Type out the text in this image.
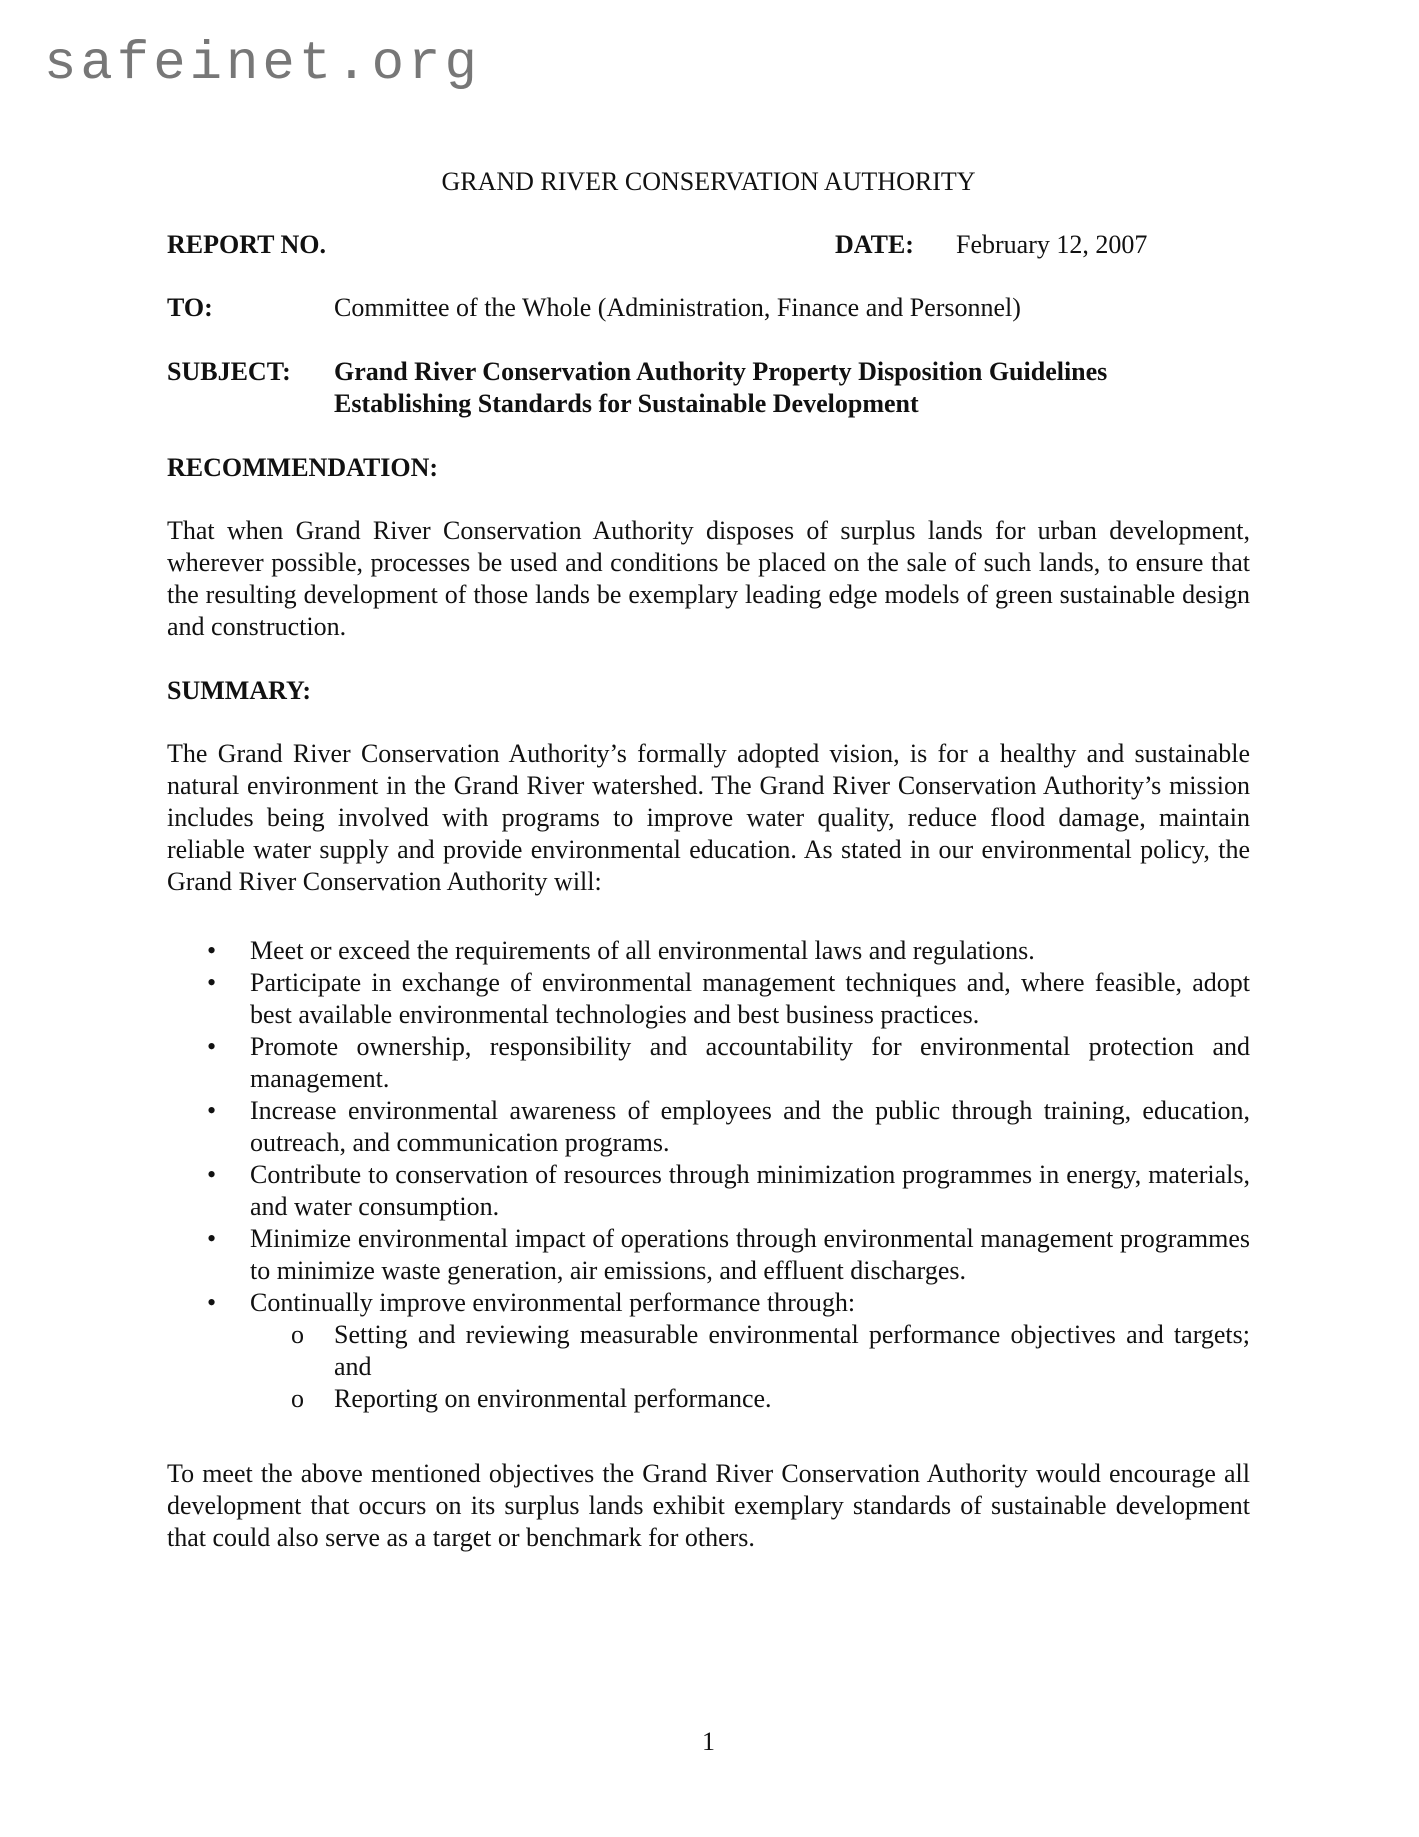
safeinet.org
GRAND RIVER CONSERVATION AUTHORITY
REPORT NO.	DATE: February 12, 2007
TO:	Committee of the Whole (Administration, Finance and Personnel)
SUBJECT: Grand River Conservation Authority Property Disposition Guidelines
Establishing Standards for Sustainable Development
RECOMMENDATION:
That when Grand River Conservation Authority disposes of surplus lands for urban development, wherever possible, processes be used and conditions be placed on the sale of such lands, to ensure that the resulting development of those lands be exemplary leading edge models of green sustainable design and construction.
SUMMARY:
The Grand River Conservation Authority’s formally adopted vision, is for a healthy and sustainable natural environment in the Grand River watershed. The Grand River Conservation Authority’s mission includes being involved with programs to improve water quality, reduce flood damage, maintain reliable water supply and provide environmental education. As stated in our environmental policy, the Grand River Conservation Authority will:
• Meet or exceed the requirements of all environmental laws and regulations.
• Participate in exchange of environmental management techniques and, where feasible, adopt best available environmental technologies and best business practices.
• Promote ownership, responsibility and accountability for environmental protection and management.
• Increase environmental awareness of employees and the public through training, education, outreach, and communication programs.
• Contribute to conservation of resources through minimization programmes in energy, materials, and water consumption.
• Minimize environmental impact of operations through environmental management programmes to minimize waste generation, air emissions, and effluent discharges.
• Continually improve environmental performance through:
o Setting and reviewing measurable environmental performance objectives and targets; and
o Reporting on environmental performance.
To meet the above mentioned objectives the Grand River Conservation Authority would encourage all development that occurs on its surplus lands exhibit exemplary standards of sustainable development that could also serve as a target or benchmark for others.
1
